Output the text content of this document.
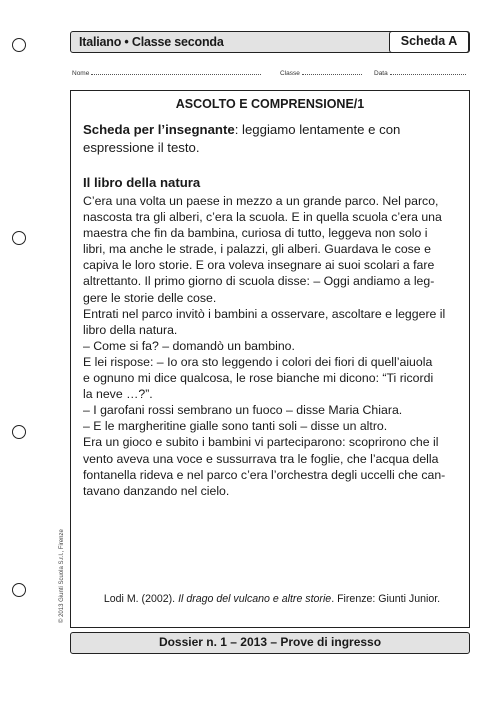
Italiano • Classe seconda	Scheda A
Nome	Classe	Data
ASCOLTO E COMPRENSIONE/1

Scheda per l’insegnante: leggiamo lentamente e con
espressione il testo.

Il libro della natura

C’era una volta un paese in mezzo a un grande parco. Nel parco,
nascosta tra gli alberi, c’era la scuola. E in quella scuola c’era una
maestra che fin da bambina, curiosa di tutto, leggeva non solo i
libri, ma anche le strade, i palazzi, gli alberi. Guardava le cose e
capiva le loro storie. E ora voleva insegnare ai suoi scolari a fare
altrettanto. Il primo giorno di scuola disse: – Oggi andiamo a leg-
gere le storie delle cose.
Entrati nel parco invitò i bambini a osservare, ascoltare e leggere il
libro della natura.
– Come si fa? – domandò un bambino.
E lei rispose: – Io ora sto leggendo i colori dei fiori di quell’aiuola
e ognuno mi dice qualcosa, le rose bianche mi dicono: “Ti ricordi
la neve …?”.
– I garofani rossi sembrano un fuoco – disse Maria Chiara.
– E le margheritine gialle sono tanti soli – disse un altro.
Era un gioco e subito i bambini vi parteciparono: scoprirono che il
vento aveva una voce e sussurrava tra le foglie, che l’acqua della
fontanella rideva e nel parco c’era l’orchestra degli uccelli che can-
tavano danzando nel cielo.
Lodi M. (2002). Il drago del vulcano e altre storie. Firenze: Giunti Junior.
© 2013 Giunti Scuola S.r.l., Firenze
Dossier n. 1 – 2013 – Prove di ingresso
